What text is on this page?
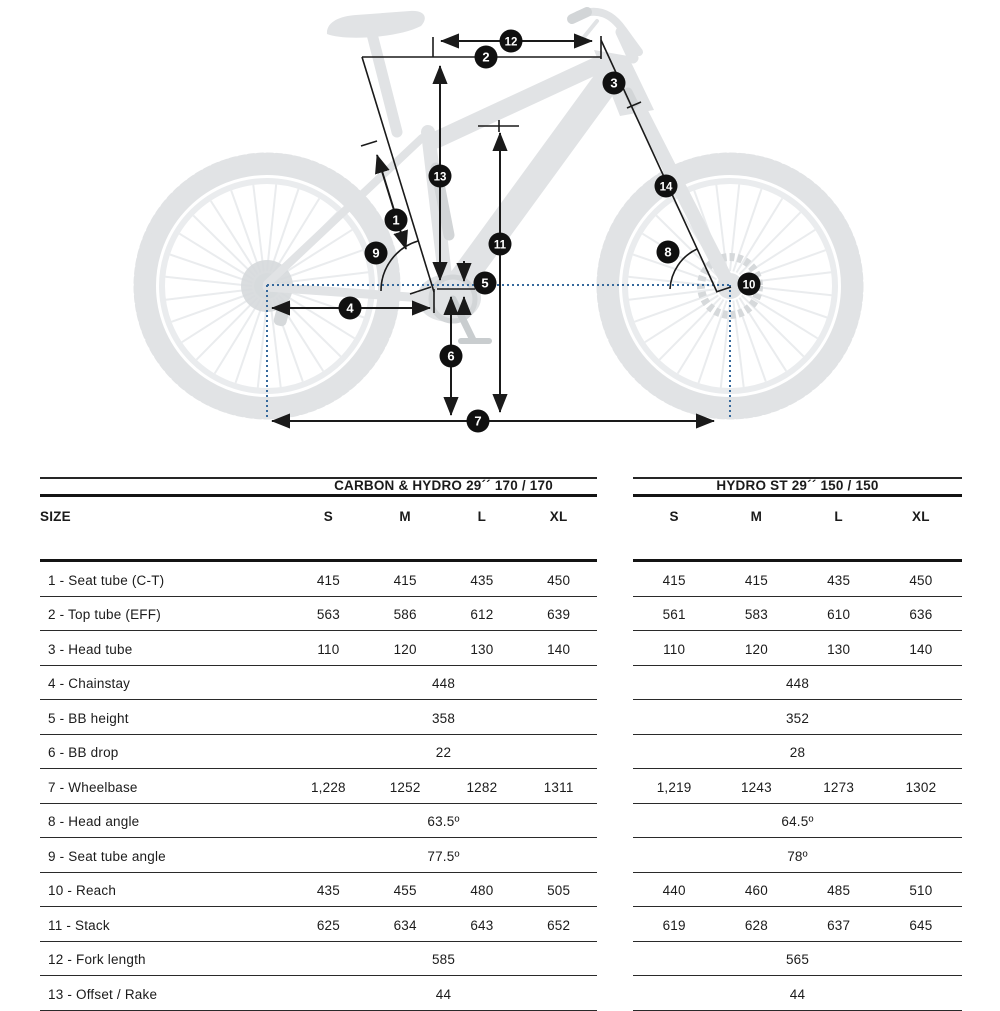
1
2
3
4
5
6
7
8
9
10
11
12
13
14
CARBON & HYDRO 29´´ 170 / 170	HYDRO ST 29´´ 150 / 150
SIZE	S	M	L	XL	S	M	L	XL
1 - Seat tube (C-T)	415	415	435	450	415	415	435	450
2 - Top tube (EFF)	563	586	612	639	561	583	610	636
3 - Head tube	110	120	130	140	110	120	130	140
4 - Chainstay	448	448
5 - BB height	358	352
6 - BB drop	22	28
7 - Wheelbase	1,228	1252	1282	1311	1,219	1243	1273	1302
8 - Head angle	63.5º	64.5º
9 - Seat tube angle	77.5º	78º
10 - Reach	435	455	480	505	440	460	485	510
11 - Stack	625	634	643	652	619	628	637	645
12 - Fork length	585	565
13 - Offset / Rake	44	44
